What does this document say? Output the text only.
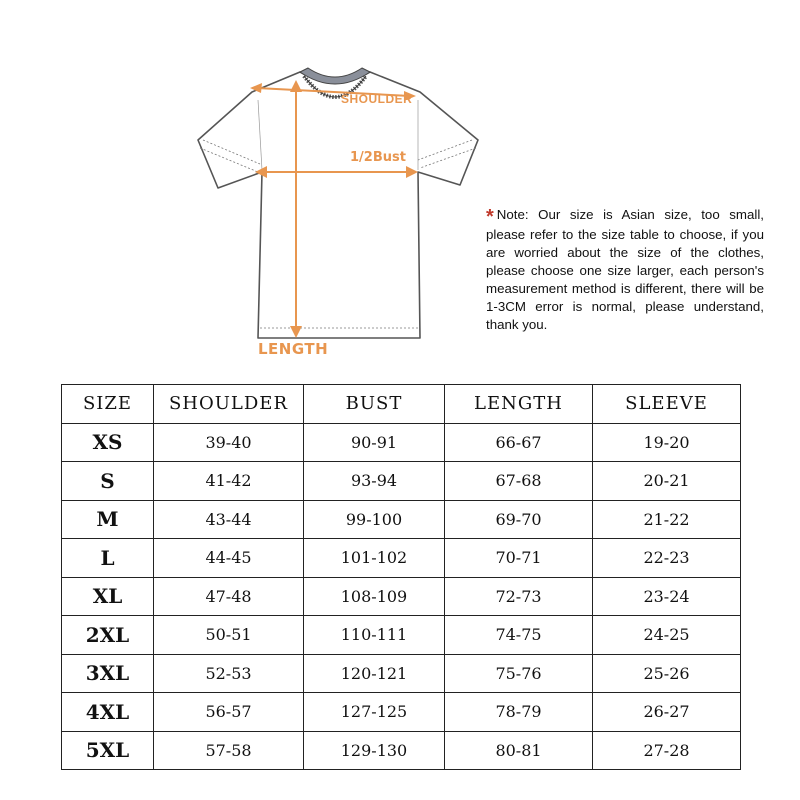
SHOULDER
1/2Bust
LENGTH
* Note: Our size is Asian size, too small, please refer to the size table to choose, if you are worried about the size of the clothes, please choose one size larger, each person's measurement method is different, there will be 1-3CM error is normal, please understand, thank you.
SIZE	SHOULDER	BUST	LENGTH	SLEEVE
XS	39-40	90-91	66-67	19-20
S	41-42	93-94	67-68	20-21
M	43-44	99-100	69-70	21-22
L	44-45	101-102	70-71	22-23
XL	47-48	108-109	72-73	23-24
2XL	50-51	110-111	74-75	24-25
3XL	52-53	120-121	75-76	25-26
4XL	56-57	127-125	78-79	26-27
5XL	57-58	129-130	80-81	27-28
